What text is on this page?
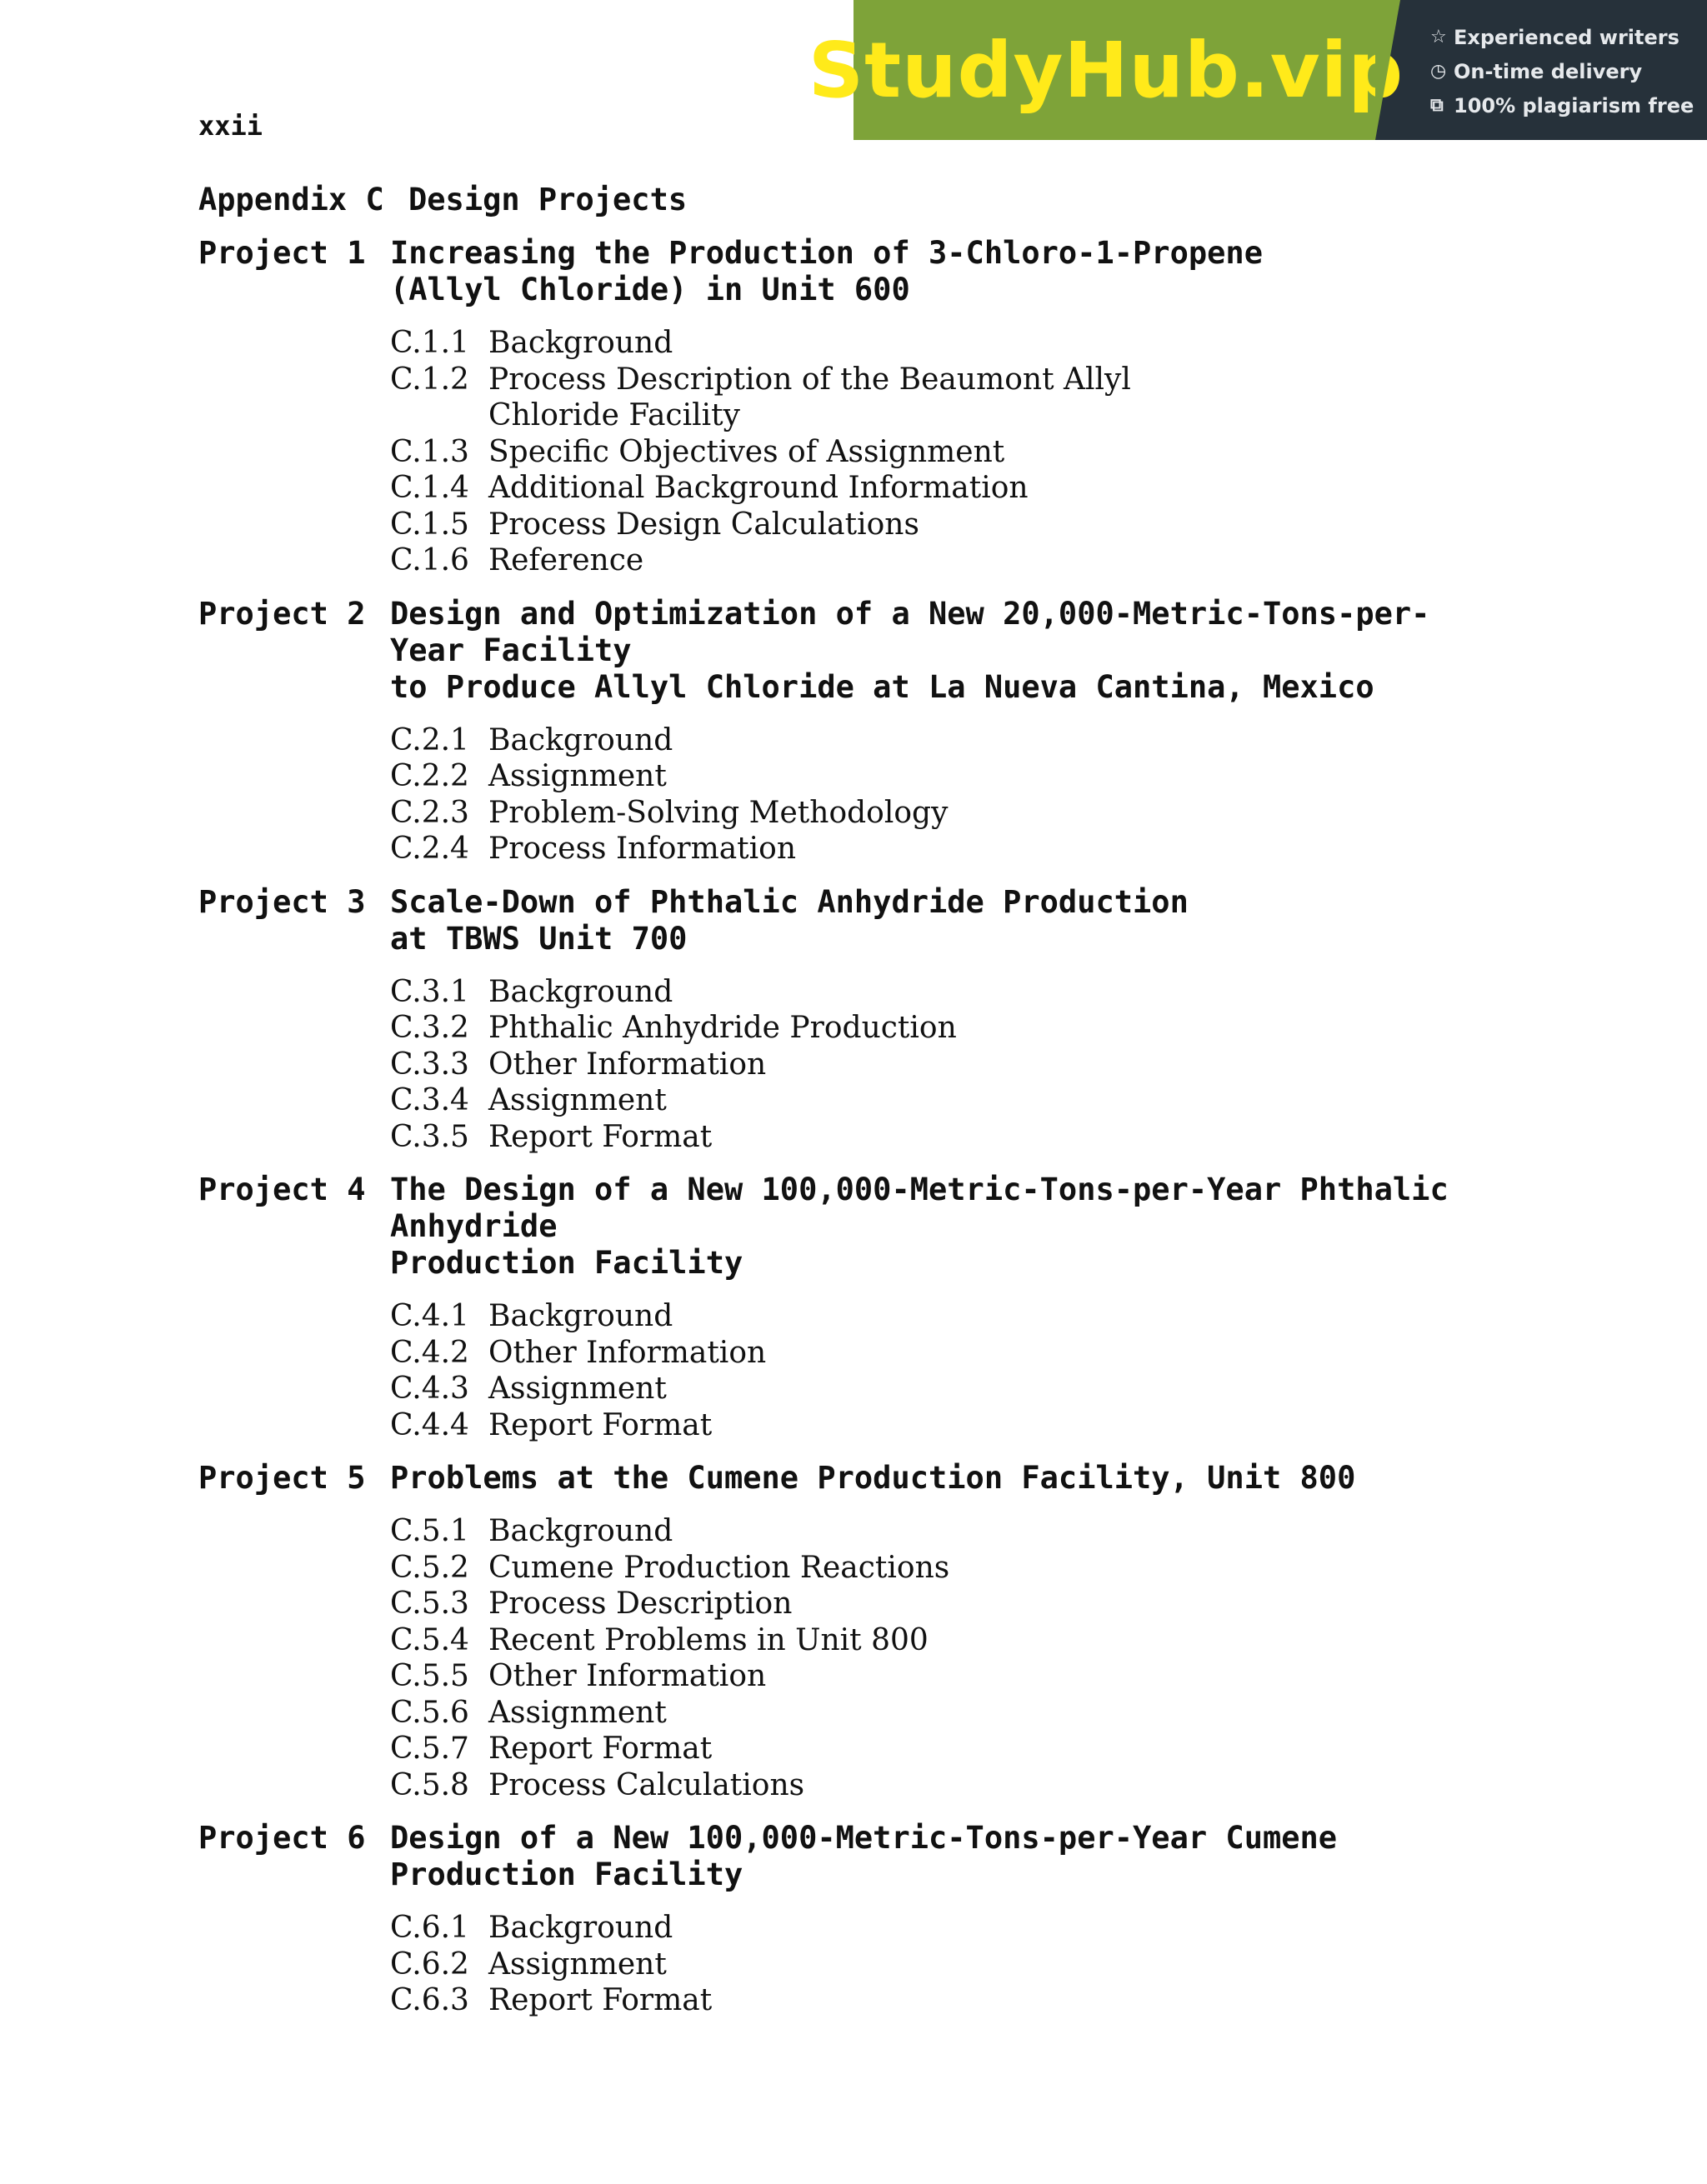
StudyHub.vip ☆ Experienced writers
◷ On-time delivery
⧉ 100% plagiarism free
xxii
Appendix C Design Projects
Project 1 Increasing the Production of 3-Chloro-1-Propene
(Allyl Chloride) in Unit 600
C.1.1 Background
C.1.2 Process Description of the Beaumont Allyl
Chloride Facility
C.1.3 Specific Objectives of Assignment
C.1.4 Additional Background Information
C.1.5 Process Design Calculations
C.1.6 Reference
Project 2 Design and Optimization of a New 20,000-Metric-Tons-per-Year Facility
to Produce Allyl Chloride at La Nueva Cantina, Mexico
C.2.1 Background
C.2.2 Assignment
C.2.3 Problem-Solving Methodology
C.2.4 Process Information
Project 3 Scale-Down of Phthalic Anhydride Production
at TBWS Unit 700
C.3.1 Background
C.3.2 Phthalic Anhydride Production
C.3.3 Other Information
C.3.4 Assignment
C.3.5 Report Format
Project 4 The Design of a New 100,000-Metric-Tons-per-Year Phthalic Anhydride
Production Facility
C.4.1 Background
C.4.2 Other Information
C.4.3 Assignment
C.4.4 Report Format
Project 5 Problems at the Cumene Production Facility, Unit 800
C.5.1 Background
C.5.2 Cumene Production Reactions
C.5.3 Process Description
C.5.4 Recent Problems in Unit 800
C.5.5 Other Information
C.5.6 Assignment
C.5.7 Report Format
C.5.8 Process Calculations
Project 6 Design of a New 100,000-Metric-Tons-per-Year Cumene
Production Facility
C.6.1 Background
C.6.2 Assignment
C.6.3 Report Format
